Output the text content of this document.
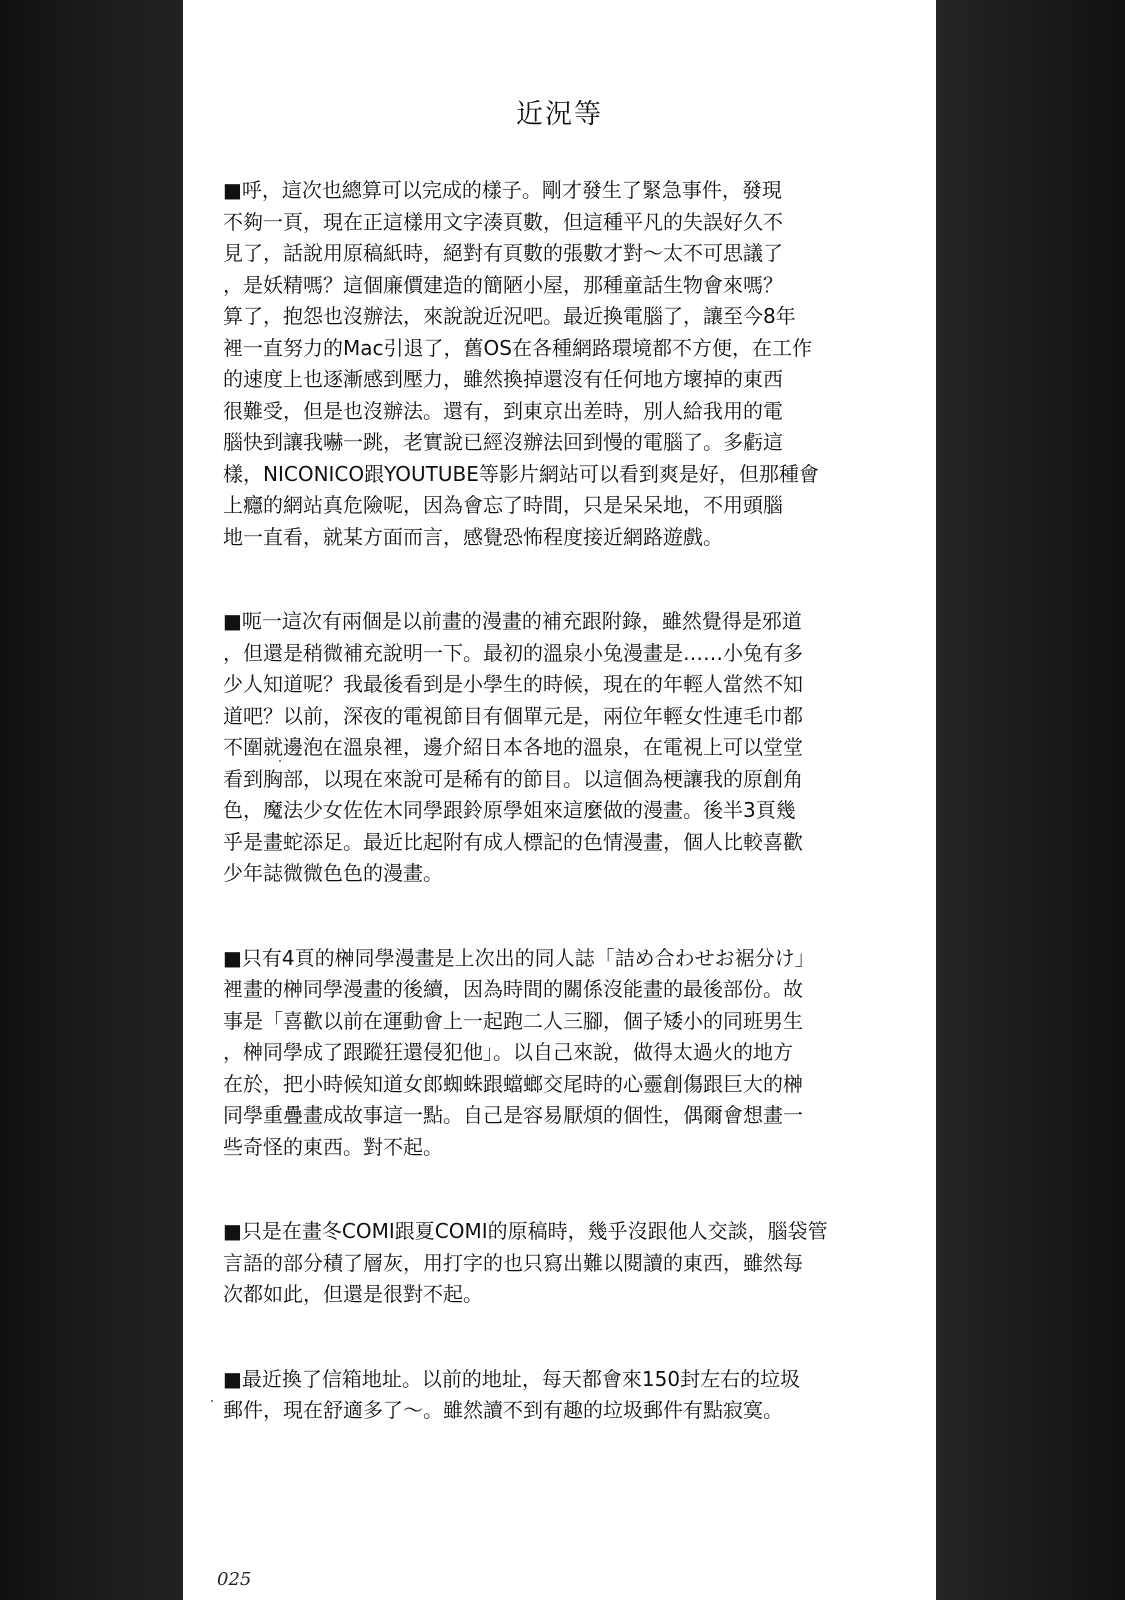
近況等

■呼，這次也總算可以完成的樣子。剛才發生了緊急事件，發現
不夠一頁，現在正這樣用文字湊頁數，但這種平凡的失誤好久不
見了，話說用原稿紙時，絕對有頁數的張數才對～太不可思議了
，是妖精嗎？這個廉價建造的簡陋小屋，那種童話生物會來嗎？
算了，抱怨也沒辦法，來說說近況吧。最近換電腦了，讓至今8年
裡一直努力的Mac引退了，舊OS在各種網路環境都不方便，在工作
的速度上也逐漸感到壓力，雖然換掉還沒有任何地方壞掉的東西
很難受，但是也沒辦法。還有，到東京出差時，別人給我用的電
腦快到讓我嚇一跳，老實說已經沒辦法回到慢的電腦了。多虧這
樣，NICONICO跟YOUTUBE等影片網站可以看到爽是好，但那種會
上癮的網站真危險呢，因為會忘了時間，只是呆呆地，不用頭腦
地一直看，就某方面而言，感覺恐怖程度接近網路遊戲。

■呃一這次有兩個是以前畫的漫畫的補充跟附錄，雖然覺得是邪道
，但還是稍微補充說明一下。最初的溫泉小兔漫畫是……小兔有多
少人知道呢？我最後看到是小學生的時候，現在的年輕人當然不知
道吧？以前，深夜的電視節目有個單元是，兩位年輕女性連毛巾都
不圍就邊泡在溫泉裡，邊介紹日本各地的溫泉，在電視上可以堂堂
看到胸部，以現在來說可是稀有的節目。以這個為梗讓我的原創角
色，魔法少女佐佐木同學跟鈴原學姐來這麼做的漫畫。後半3頁幾
乎是畫蛇添足。最近比起附有成人標記的色情漫畫，個人比較喜歡
少年誌微微色色的漫畫。

■只有4頁的榊同學漫畫是上次出的同人誌「詰め合わせお裾分け」
裡畫的榊同學漫畫的後續，因為時間的關係沒能畫的最後部份。故
事是「喜歡以前在運動會上一起跑二人三腳，個子矮小的同班男生
，榊同學成了跟蹤狂還侵犯他」。以自己來說，做得太過火的地方
在於，把小時候知道女郎蜘蛛跟蟷螂交尾時的心靈創傷跟巨大的榊
同學重疊畫成故事這一點。自己是容易厭煩的個性，偶爾會想畫一
些奇怪的東西。對不起。

■只是在畫冬COMI跟夏COMI的原稿時，幾乎沒跟他人交談，腦袋管
言語的部分積了層灰，用打字的也只寫出難以閱讀的東西，雖然每
次都如此，但還是很對不起。

■最近換了信箱地址。以前的地址，每天都會來150封左右的垃圾
郵件，現在舒適多了～。雖然讀不到有趣的垃圾郵件有點寂寞。

025
